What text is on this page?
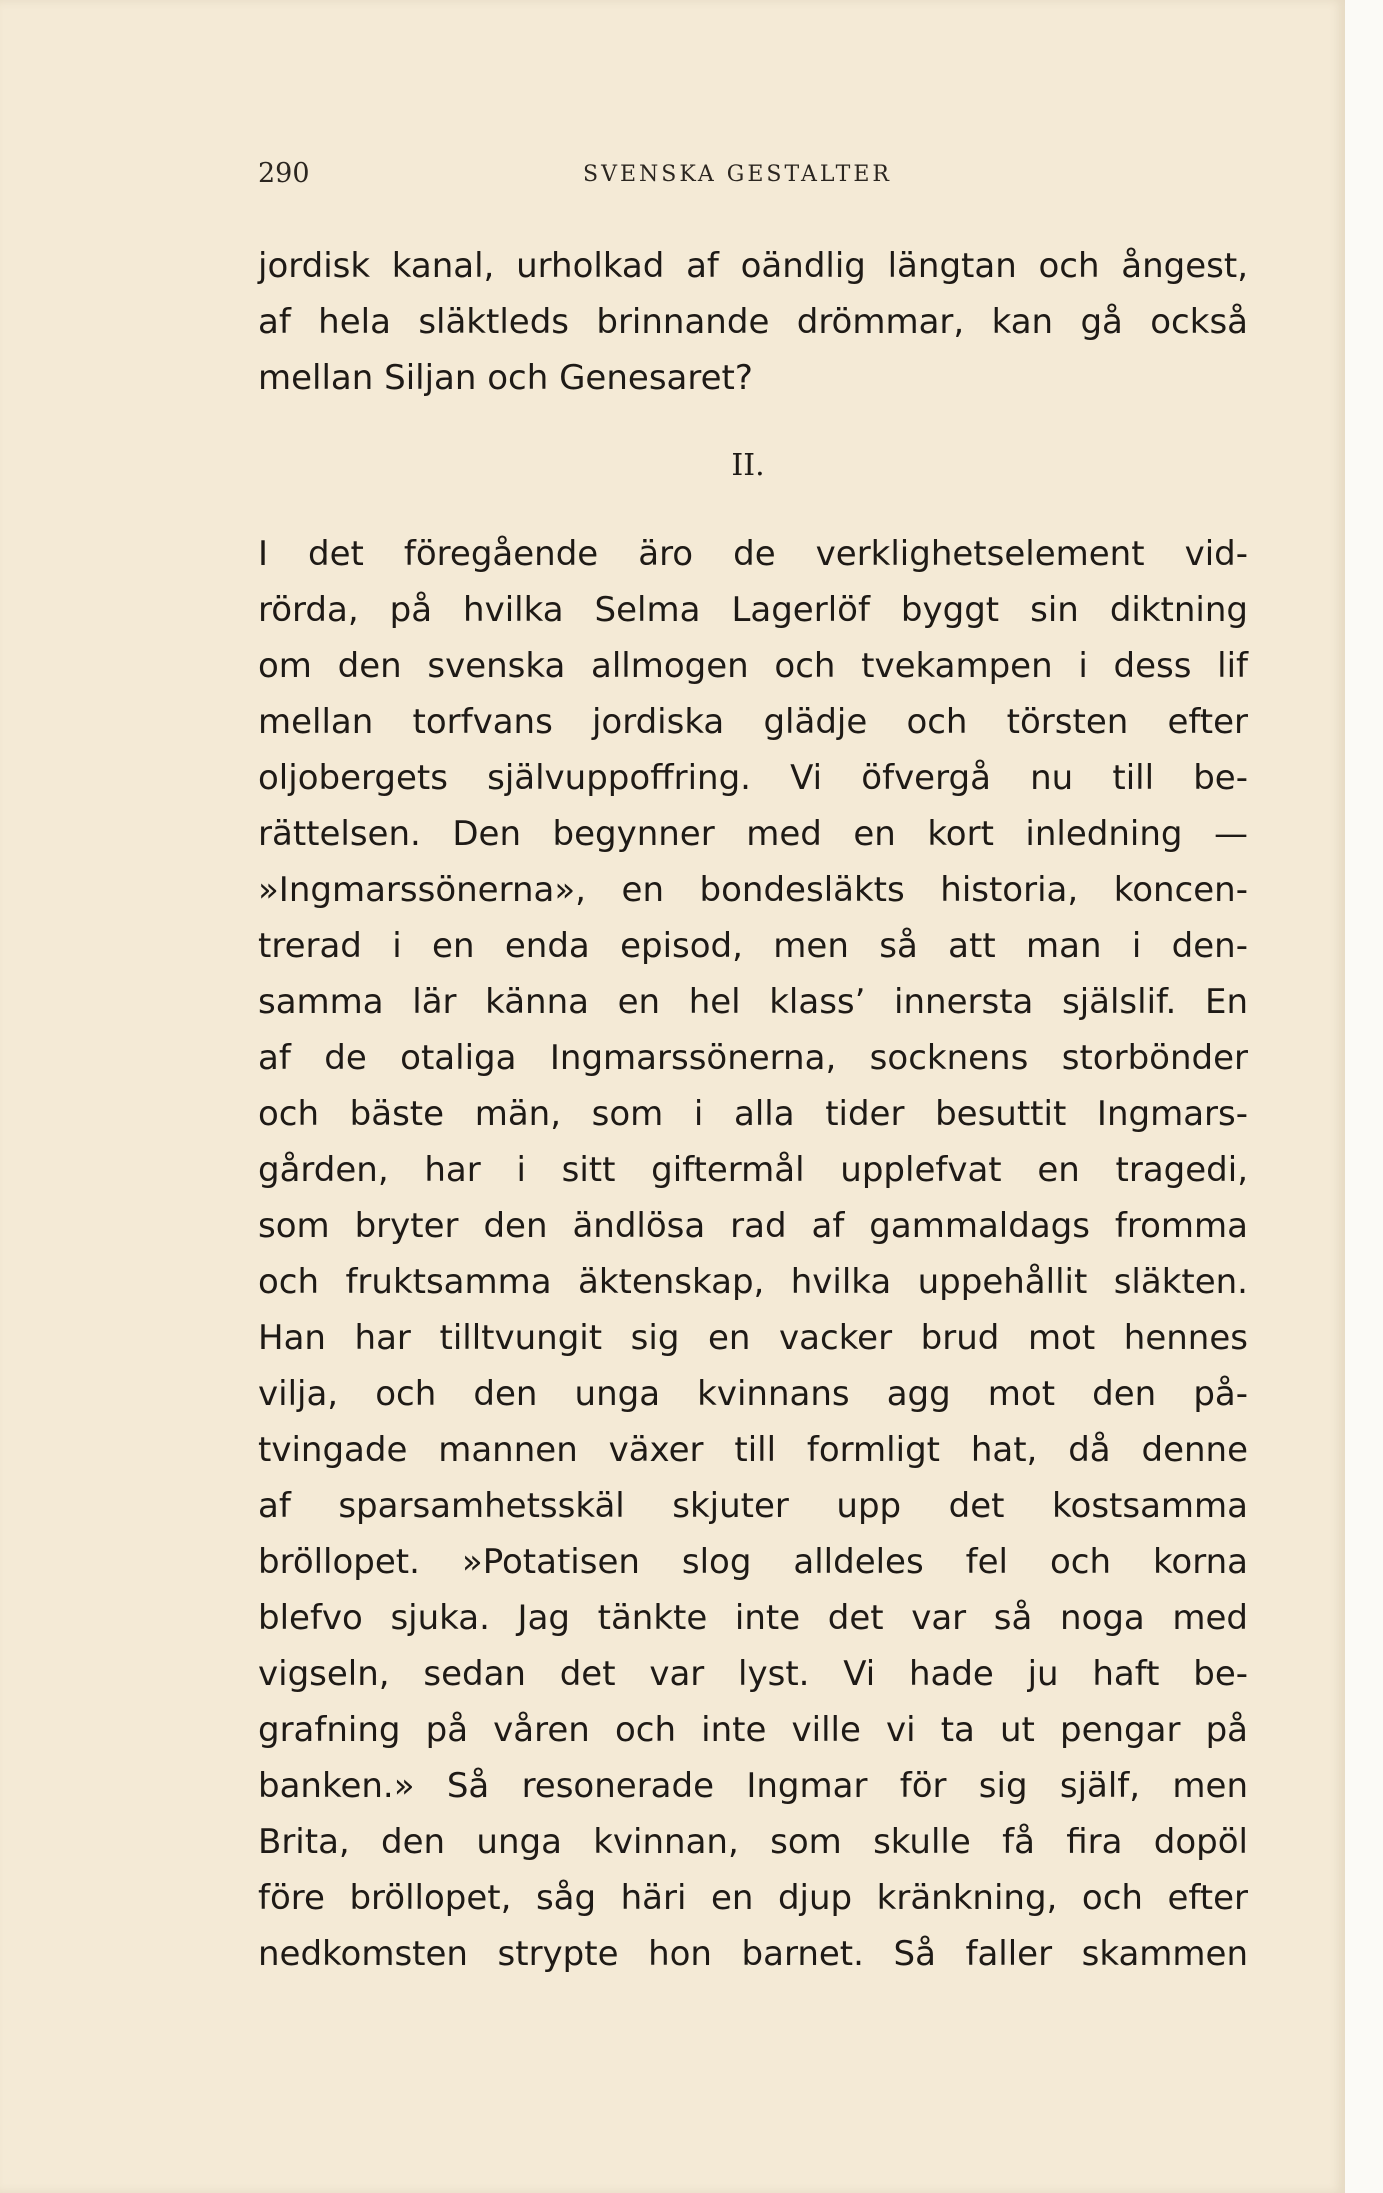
290	SVENSKA GESTALTER
jordisk kanal, urholkad af oändlig längtan och ångest,
af hela släktleds brinnande drömmar, kan gå också
mellan Siljan och Genesaret?
II.
I det föregående äro de verklighetselement vid-
rörda, på hvilka Selma Lagerlöf byggt sin diktning
om den svenska allmogen och tvekampen i dess lif
mellan torfvans jordiska glädje och törsten efter
oljobergets självuppoffring. Vi öfvergå nu till be-
rättelsen. Den begynner med en kort inledning —
»Ingmarssönerna», en bondesläkts historia, koncen-
trerad i en enda episod, men så att man i den-
samma lär känna en hel klass’ innersta själslif. En
af de otaliga Ingmarssönerna, socknens storbönder
och bäste män, som i alla tider besuttit Ingmars-
gården, har i sitt giftermål upplefvat en tragedi,
som bryter den ändlösa rad af gammaldags fromma
och fruktsamma äktenskap, hvilka uppehållit släkten.
Han har tilltvungit sig en vacker brud mot hennes
vilja, och den unga kvinnans agg mot den på-
tvingade mannen växer till formligt hat, då denne
af sparsamhetsskäl skjuter upp det kostsamma
bröllopet. »Potatisen slog alldeles fel och korna
blefvo sjuka. Jag tänkte inte det var så noga med
vigseln, sedan det var lyst. Vi hade ju haft be-
grafning på våren och inte ville vi ta ut pengar på
banken.» Så resonerade Ingmar för sig själf, men
Brita, den unga kvinnan, som skulle få fira dopöl
före bröllopet, såg häri en djup kränkning, och efter
nedkomsten strypte hon barnet. Så faller skammen
